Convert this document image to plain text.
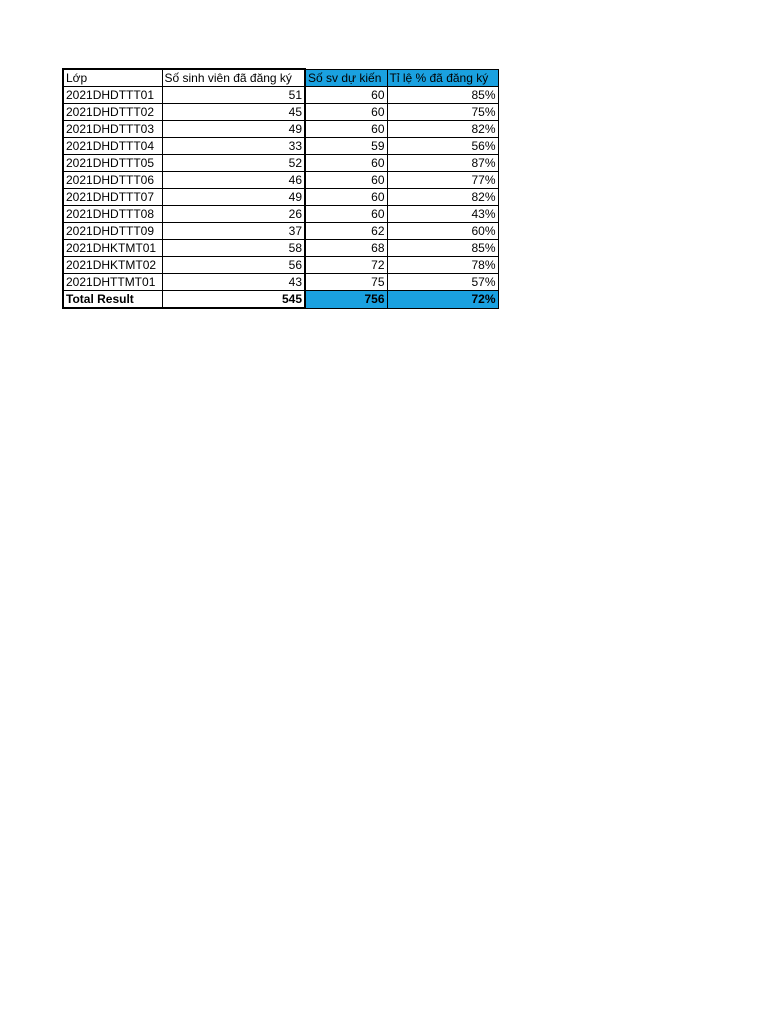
Lớp	Số sinh viên đã đăng ký	Số sv dự kiến	Tỉ lệ % đã đăng ký
2021DHDTTT01	51	60	85%
2021DHDTTT02	45	60	75%
2021DHDTTT03	49	60	82%
2021DHDTTT04	33	59	56%
2021DHDTTT05	52	60	87%
2021DHDTTT06	46	60	77%
2021DHDTTT07	49	60	82%
2021DHDTTT08	26	60	43%
2021DHDTTT09	37	62	60%
2021DHKTMT01	58	68	85%
2021DHKTMT02	56	72	78%
2021DHTTMT01	43	75	57%
Total Result	545	756	72%
